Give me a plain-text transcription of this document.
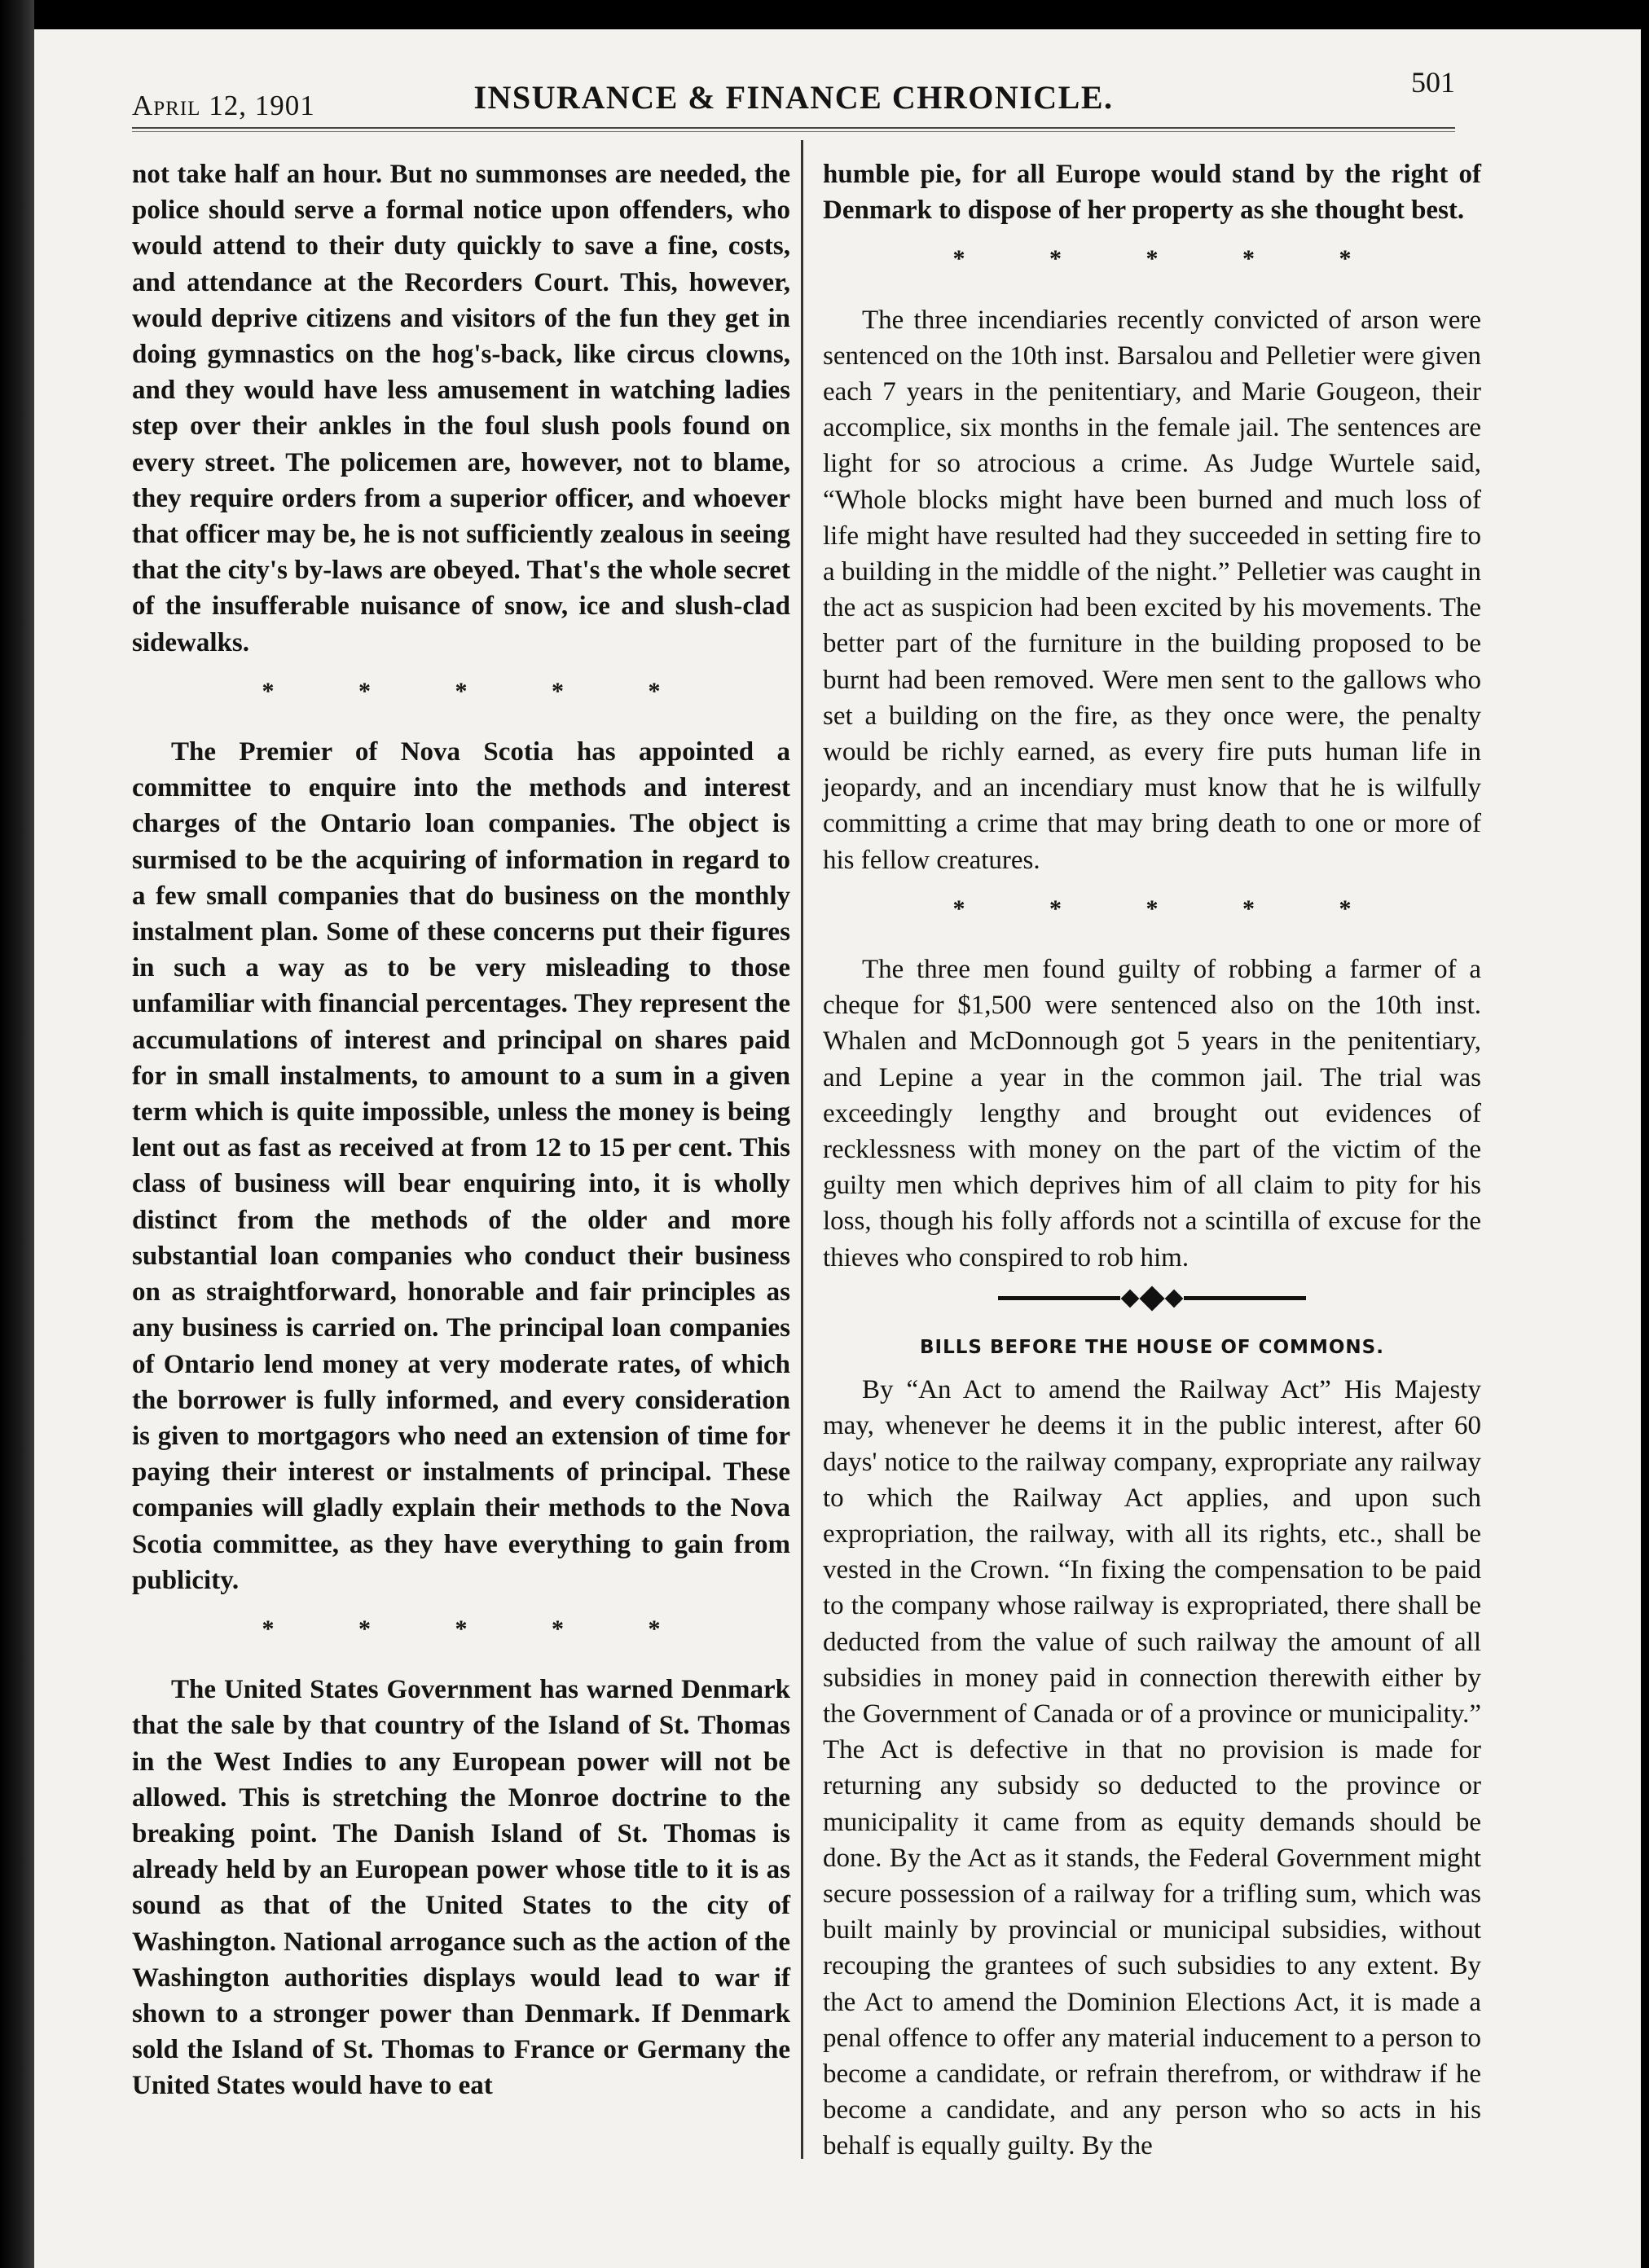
April 12, 1901	INSURANCE & FINANCE CHRONICLE.	501

not take half an hour. But no summonses are needed, the police should serve a formal notice upon offenders, who would attend to their duty quickly to save a fine, costs, and attendance at the Recorders Court. This, however, would deprive citizens and visitors of the fun they get in doing gymnastics on the hog's-back, like circus clowns, and they would have less amusement in watching ladies step over their ankles in the foul slush pools found on every street. The policemen are, however, not to blame, they require orders from a superior officer, and whoever that officer may be, he is not sufficiently zealous in seeing that the city's by-laws are obeyed. That's the whole secret of the insufferable nuisance of snow, ice and slush-clad sidewalks.

* * * * *

The Premier of Nova Scotia has appointed a committee to enquire into the methods and interest charges of the Ontario loan companies. The object is surmised to be the acquiring of information in regard to a few small companies that do business on the monthly instalment plan. Some of these concerns put their figures in such a way as to be very misleading to those unfamiliar with financial percentages. They represent the accumulations of interest and principal on shares paid for in small instalments, to amount to a sum in a given term which is quite impossible, unless the money is being lent out as fast as received at from 12 to 15 per cent. This class of business will bear enquiring into, it is wholly distinct from the methods of the older and more substantial loan companies who conduct their business on as straightforward, honorable and fair principles as any business is carried on. The principal loan companies of Ontario lend money at very moderate rates, of which the borrower is fully informed, and every consideration is given to mortgagors who need an extension of time for paying their interest or instalments of principal. These companies will gladly explain their methods to the Nova Scotia committee, as they have everything to gain from publicity.

* * * * *

The United States Government has warned Denmark that the sale by that country of the Island of St. Thomas in the West Indies to any European power will not be allowed. This is stretching the Monroe doctrine to the breaking point. The Danish Island of St. Thomas is already held by an European power whose title to it is as sound as that of the United States to the city of Washington. National arrogance such as the action of the Washington authorities displays would lead to war if shown to a stronger power than Denmark. If Denmark sold the Island of St. Thomas to France or Germany the United States would have to eat

humble pie, for all Europe would stand by the right of Denmark to dispose of her property as she thought best.

* * * * *

The three incendiaries recently convicted of arson were sentenced on the 10th inst. Barsalou and Pelletier were given each 7 years in the penitentiary, and Marie Gougeon, their accomplice, six months in the female jail. The sentences are light for so atrocious a crime. As Judge Wurtele said, “Whole blocks might have been burned and much loss of life might have resulted had they succeeded in setting fire to a building in the middle of the night.” Pelletier was caught in the act as suspicion had been excited by his movements. The better part of the furniture in the building proposed to be burnt had been removed. Were men sent to the gallows who set a building on the fire, as they once were, the penalty would be richly earned, as every fire puts human life in jeopardy, and an incendiary must know that he is wilfully committing a crime that may bring death to one or more of his fellow creatures.

* * * * *

The three men found guilty of robbing a farmer of a cheque for $1,500 were sentenced also on the 10th inst. Whalen and McDonnough got 5 years in the penitentiary, and Lepine a year in the common jail. The trial was exceedingly lengthy and brought out evidences of recklessness with money on the part of the victim of the guilty men which deprives him of all claim to pity for his loss, though his folly affords not a scintilla of excuse for the thieves who conspired to rob him.

BILLS BEFORE THE HOUSE OF COMMONS.

By “An Act to amend the Railway Act” His Majesty may, whenever he deems it in the public interest, after 60 days' notice to the railway company, expropriate any railway to which the Railway Act applies, and upon such expropriation, the railway, with all its rights, etc., shall be vested in the Crown. “In fixing the compensation to be paid to the company whose railway is expropriated, there shall be deducted from the value of such railway the amount of all subsidies in money paid in connection therewith either by the Government of Canada or of a province or municipality.” The Act is defective in that no provision is made for returning any subsidy so deducted to the province or municipality it came from as equity demands should be done. By the Act as it stands, the Federal Government might secure possession of a railway for a trifling sum, which was built mainly by provincial or municipal subsidies, without recouping the grantees of such subsidies to any extent. By the Act to amend the Dominion Elections Act, it is made a penal offence to offer any material inducement to a person to become a candidate, or refrain therefrom, or withdraw if he become a candidate, and any person who so acts in his behalf is equally guilty. By the
